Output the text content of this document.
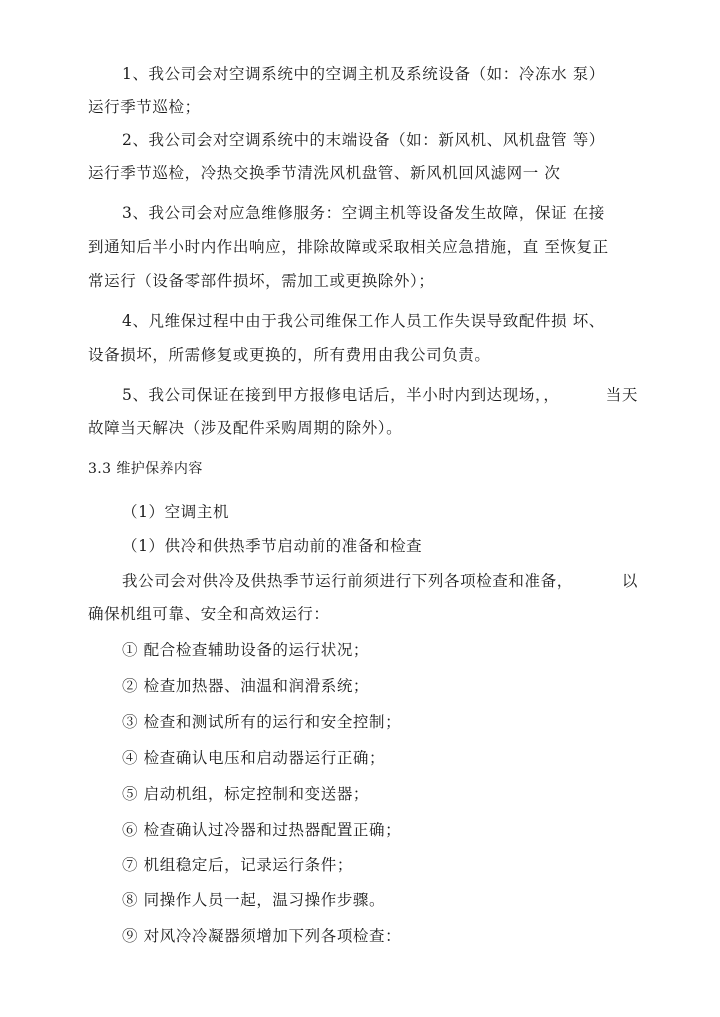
1、我公司会对空调系统中的空调主机及系统设备（如：冷冻水 泵）
运行季节巡检；
2、我公司会对空调系统中的末端设备（如：新风机、风机盘管 等）
运行季节巡检，冷热交换季节清洗风机盘管、新风机回风滤网一 次
3、我公司会对应急维修服务：空调主机等设备发生故障，保证 在接
到通知后半小时内作出响应，排除故障或采取相关应急措施，直 至恢复正
常运行（设备零部件损坏，需加工或更换除外）；
4、凡维保过程中由于我公司维保工作人员工作失误导致配件损 坏、
设备损坏，所需修复或更换的，所有费用由我公司负责。
5、我公司保证在接到甲方报修电话后，半小时内到达现场，，	当天
故障当天解决（涉及配件采购周期的除外）。
3.3 维护保养内容
（1）空调主机
（1）供冷和供热季节启动前的准备和检查
我公司会对供冷及供热季节运行前须进行下列各项检查和准备，	以
确保机组可靠、安全和高效运行：
① 配合检查辅助设备的运行状况；
② 检查加热器、油温和润滑系统；
③ 检查和测试所有的运行和安全控制；
④ 检查确认电压和启动器运行正确；
⑤ 启动机组，标定控制和变送器；
⑥ 检查确认过冷器和过热器配置正确；
⑦ 机组稳定后，记录运行条件；
⑧ 同操作人员一起，温习操作步骤。
⑨ 对风冷冷凝器须增加下列各项检查：
